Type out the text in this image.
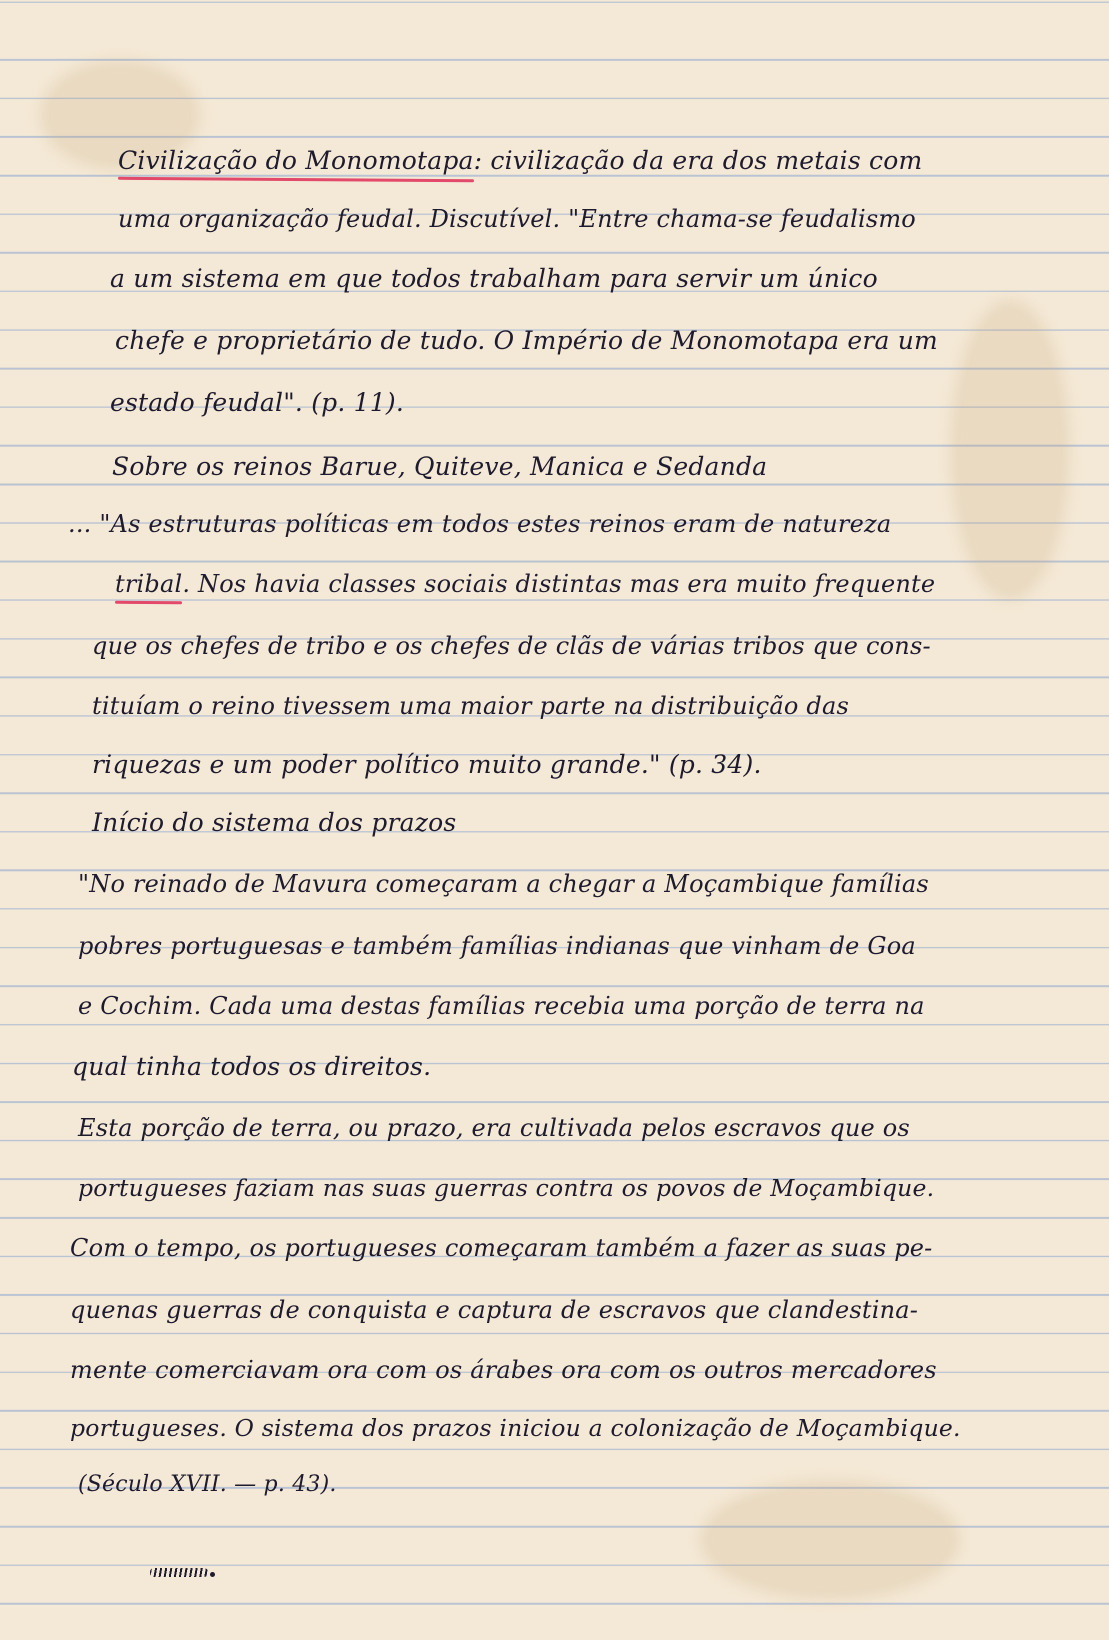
Civilização do Monomotapa
: civilização da era dos metais com
uma organização feudal. Discutível. "Entre chama-se feudalismo
a um sistema em que todos trabalham para servir um único
chefe e proprietário de tudo. O Império de Monomotapa era um
estado feudal". (p. 11).
Sobre os reinos Barue, Quiteve, Manica e Sedanda
... "As estruturas políticas em todos estes reinos eram de natureza
tribal
. Nos havia classes sociais distintas mas era muito frequente
que os chefes de tribo e os chefes de clãs de várias tribos que cons-
tituíam o reino tivessem uma maior parte na distribuição das
riquezas e um poder político muito grande." (p. 34).
Início do sistema dos prazos
"No reinado de Mavura começaram a chegar a Moçambique famílias
pobres portuguesas e também famílias indianas que vinham de Goa
e Cochim. Cada uma destas famílias recebia uma porção de terra na
qual tinha todos os direitos.
Esta porção de terra, ou prazo, era cultivada pelos escravos que os
portugueses faziam nas suas guerras contra os povos de Moçambique.
Com o tempo, os portugueses começaram também a fazer as suas pe-
quenas guerras de conquista e captura de escravos que clandestina-
mente comerciavam ora com os árabes ora com os outros mercadores
portugueses. O sistema dos prazos iniciou a colonização de Moçambique.
(Século XVII. — p. 43).
